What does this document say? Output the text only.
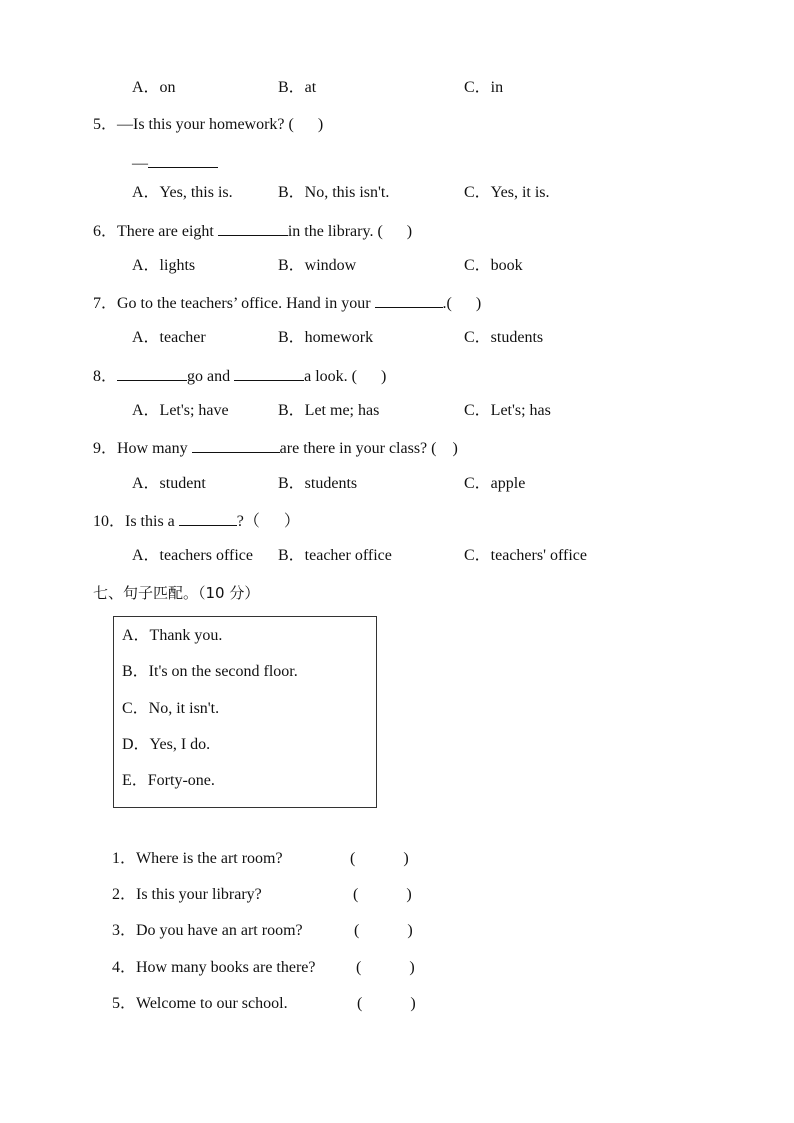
A．on	B．at	C．in
5．—Is this your homework? (      )
—
A．Yes, this is.	B．No, this isn't.	C．Yes, it is.
6．There are eight	in the library. (      )
A．lights	B．window	C．book
7．Go to the teachers’ office. Hand in your	.(      )
A．teacher	B．homework	C．students
8．	go and	a look. (      )
A．Let's; have	B．Let me; has	C．Let's; has
9．How many	are there in your class? (    )
A．student	B．students	C．apple
10．Is this a	?（      ）
A．teachers office B．teacher office	C．teachers' office
七、句子匹配。（10 分）
A．Thank you.
B．It's on the second floor.
C．No, it isn't.
D．Yes, I do.
E．Forty-one.
1．Where is the art room?	(            )
2．Is this your library?	(            )
3．Do you have an art room?	(            )
4．How many books are there?	(            )
5．Welcome to our school.	(            )
